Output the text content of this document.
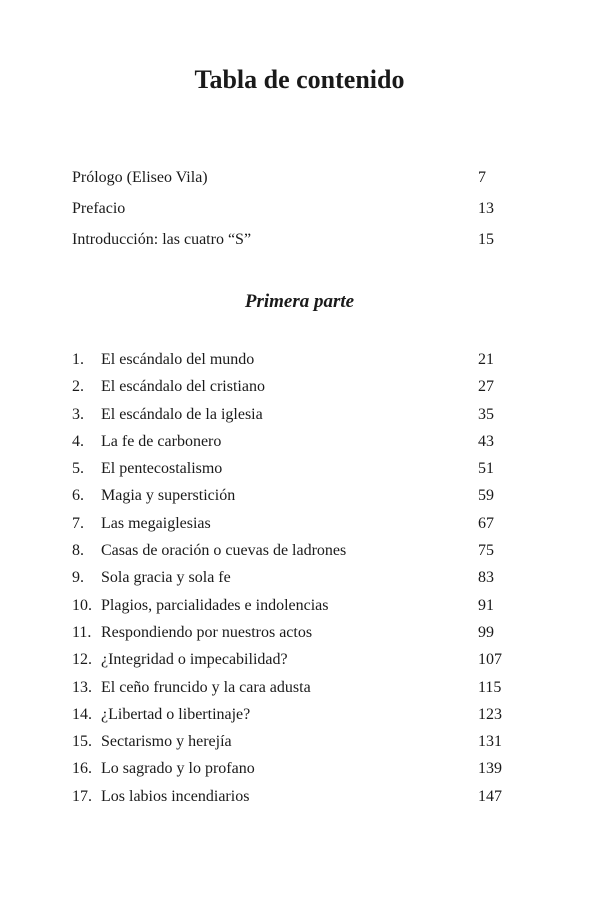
Tabla de contenido
Prólogo (Eliseo Vila)	7
Prefacio	13
Introducción: las cuatro “S”	15
Primera parte
1. El escándalo del mundo	21
2. El escándalo del cristiano	27
3. El escándalo de la iglesia	35
4. La fe de carbonero	43
5. El pentecostalismo	51
6. Magia y superstición	59
7. Las megaiglesias	67
8. Casas de oración o cuevas de ladrones	75
9. Sola gracia y sola fe	83
10. Plagios, parcialidades e indolencias	91
11. Respondiendo por nuestros actos	99
12. ¿Integridad o impecabilidad?	107
13. El ceño fruncido y la cara adusta	115
14. ¿Libertad o libertinaje?	123
15. Sectarismo y herejía	131
16. Lo sagrado y lo profano	139
17. Los labios incendiarios	147
